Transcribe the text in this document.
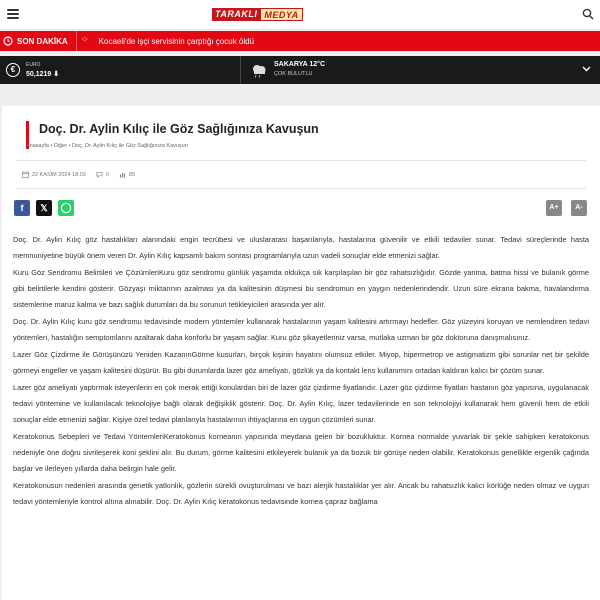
TARAKLI MEDYA
SON DAKİKA ︿
﹀ Kocaeli'de işçi servisinin çarptığı çocuk öldü
€	EURO
50,1219 ⬇
SAKARYA 12°C
ÇOK BULUTLU
Doç. Dr. Aylin Kılıç ile Göz Sağlığınıza Kavuşun
Anasayfa • Diğer • Doç. Dr. Aylin Kılıç ile Göz Sağlığınıza Kavuşun
22 KASIM 2024 18:03	0	85
f	𝕏	A+	A-

Doç. Dr. Aylin Kılıç göz hastalıkları alanındaki engin tecrübesi ve uluslararası başarılarıyla, hastalarına güvenilir ve etkili tedaviler sunar. Tedavi süreçlerinde hasta memnuniyetine büyük önem veren Dr. Aylin Kılıç kapsamlı bakım sonrası programlarıyla uzun vadeli sonuçlar elde etmenizi sağlar.

Kuru Göz Sendromu Belirtileri ve ÇözümleriKuru göz sendromu günlük yaşamda oldukça sık karşılaşılan bir göz rahatsızlığıdır. Gözde yanma, batma hissi ve bulanık görme gibi belirtilerle kendini gösterir. Gözyaşı miktarının azalması ya da kalitesinin düşmesi bu sendromun en yaygın nedenlerindendir. Uzun süre ekrana bakma, havalandırma sistemlerine maruz kalma ve bazı sağlık durumları da bu sorunun tetikleyicileri arasında yer alır.

Doç. Dr. Aylin Kılıç kuru göz sendromu tedavisinde modern yöntemler kullanarak hastalarının yaşam kalitesini artırmayı hedefler. Göz yüzeyini koruyan ve nemlendiren tedavi yöntemleri, hastalığın semptomlarını azaltarak daha konforlu bir yaşam sağlar. Kuru göz şikayetleriniz varsa, mutlaka uzman bir göz doktoruna danışmalısınız.

Lazer Göz Çizdirme ile Görüşünüzü Yeniden KazanınGörme kusurları, birçok kişinin hayatını olumsuz etkiler. Miyop, hipermetrop ve astigmatizm gibi sorunlar net bir şekilde görmeyi engeller ve yaşam kalitesini düşürür. Bu gibi durumlarda lazer göz ameliyatı, gözlük ya da kontakt lens kullanımını ortadan kaldıran kalıcı bir çözüm sunar.

Lazer göz ameliyatı yaptırmak isteyenlerin en çok merak ettiği konulardan biri de lazer göz çizdirme fiyatlarıdır. Lazer göz çizdirme fiyatları hastanın göz yapısına, uygulanacak tedavi yöntemine ve kullanılacak teknolojiye bağlı olarak değişiklik gösterir. Doç. Dr. Aylin Kılıç, lazer tedavilerinde en son teknolojiyi kullanarak hem güvenli hem de etkili sonuçlar elde etmenizi sağlar. Kişiye özel tedavi planlarıyla hastalarının ihtiyaçlarına en uygun çözümleri sunar.

Keratokonus Sebepleri ve Tedavi YöntemleriKeratokonus korneanın yapısında meydana gelen bir bozukluktur. Kornea normalde yuvarlak bir şekle sahipken keratokonus nedeniyle öne doğru sivrileşerek koni şeklini alır. Bu durum, görme kalitesini etkileyerek bulanık ya da bozuk bir görüşe neden olabilir. Keratokonus genellikle ergenlik çağında başlar ve ilerleyen yıllarda daha belirgin hale gelir.

Keratokonusun nedenleri arasında genetik yatkınlık, gözlerin sürekli ovuşturulması ve bazı alerjik hastalıklar yer alır. Ancak bu rahatsızlık kalıcı körlüğe neden olmaz ve uygun tedavi yöntemleriyle kontrol altına alınabilir. Doç. Dr. Aylin Kılıç keratokonus tedavisinde kornea çapraz bağlama
